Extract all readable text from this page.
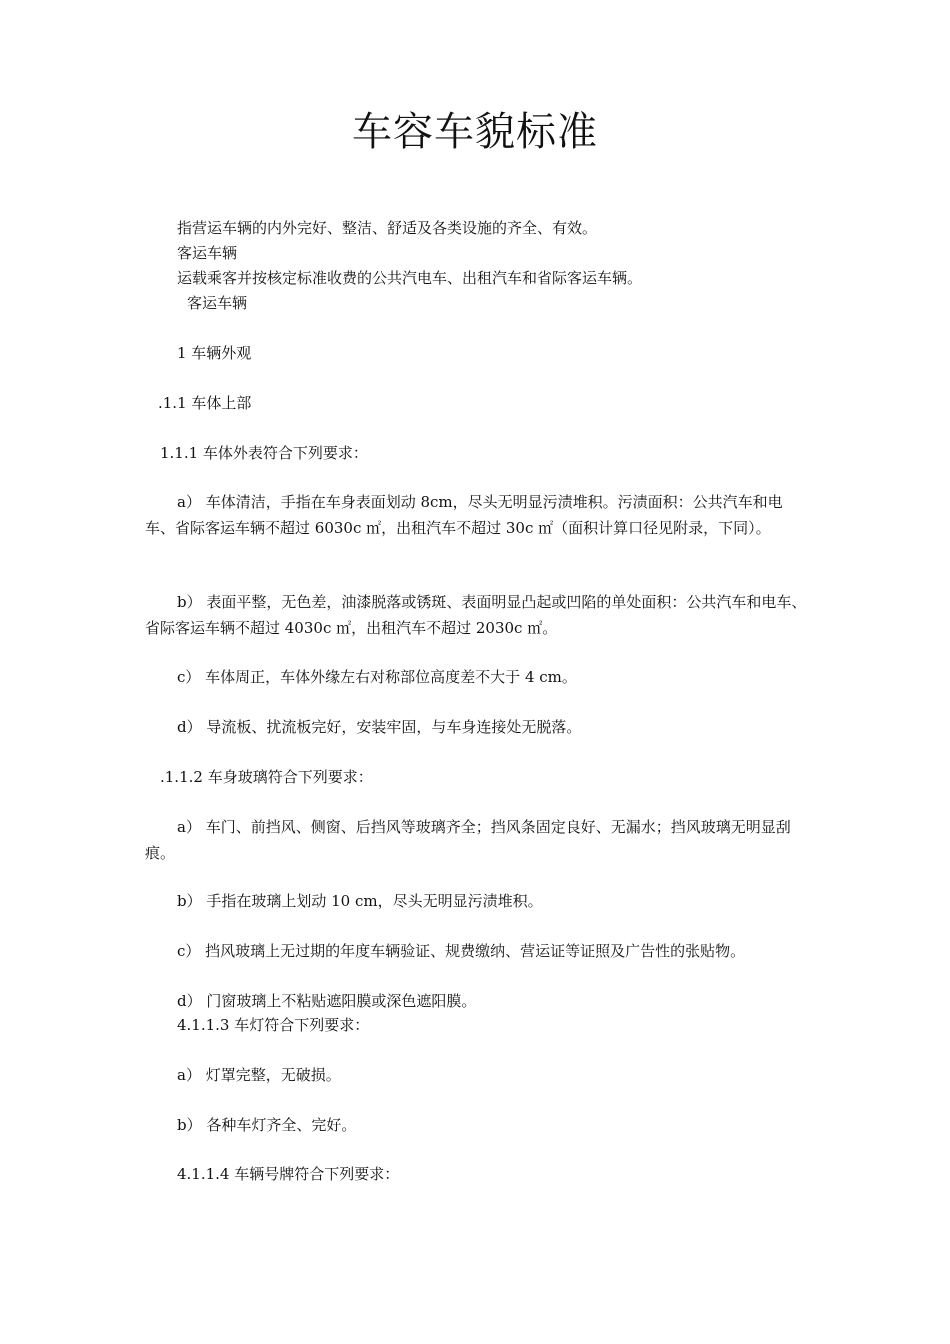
车容车貌标准
指营运车辆的内外完好、整洁、舒适及各类设施的齐全、有效。
客运车辆
运载乘客并按核定标准收费的公共汽电车、出租汽车和省际客运车辆。
客运车辆
1 车辆外观
.1.1 车体上部
1.1.1 车体外表符合下列要求：
a） 车体清洁，手指在车身表面划动 8cm，尽头无明显污渍堆积。污渍面积：公共汽车和电车、省际客运车辆不超过 6030c ㎡，出租汽车不超过 30c ㎡（面积计算口径见附录，下同）。
b） 表面平整，无色差，油漆脱落或锈斑、表面明显凸起或凹陷的单处面积：公共汽车和电车、省际客运车辆不超过 4030c ㎡，出租汽车不超过 2030c ㎡。
c） 车体周正，车体外缘左右对称部位高度差不大于 4 cm。
d） 导流板、扰流板完好，安装牢固，与车身连接处无脱落。
.1.1.2 车身玻璃符合下列要求：
a） 车门、前挡风、侧窗、后挡风等玻璃齐全；挡风条固定良好、无漏水；挡风玻璃无明显刮痕。
b） 手指在玻璃上划动 10 cm，尽头无明显污渍堆积。
c） 挡风玻璃上无过期的年度车辆验证、规费缴纳、营运证等证照及广告性的张贴物。
d） 门窗玻璃上不粘贴遮阳膜或深色遮阳膜。
4.1.1.3 车灯符合下列要求：
a） 灯罩完整，无破损。
b） 各种车灯齐全、完好。
4.1.1.4 车辆号牌符合下列要求：
